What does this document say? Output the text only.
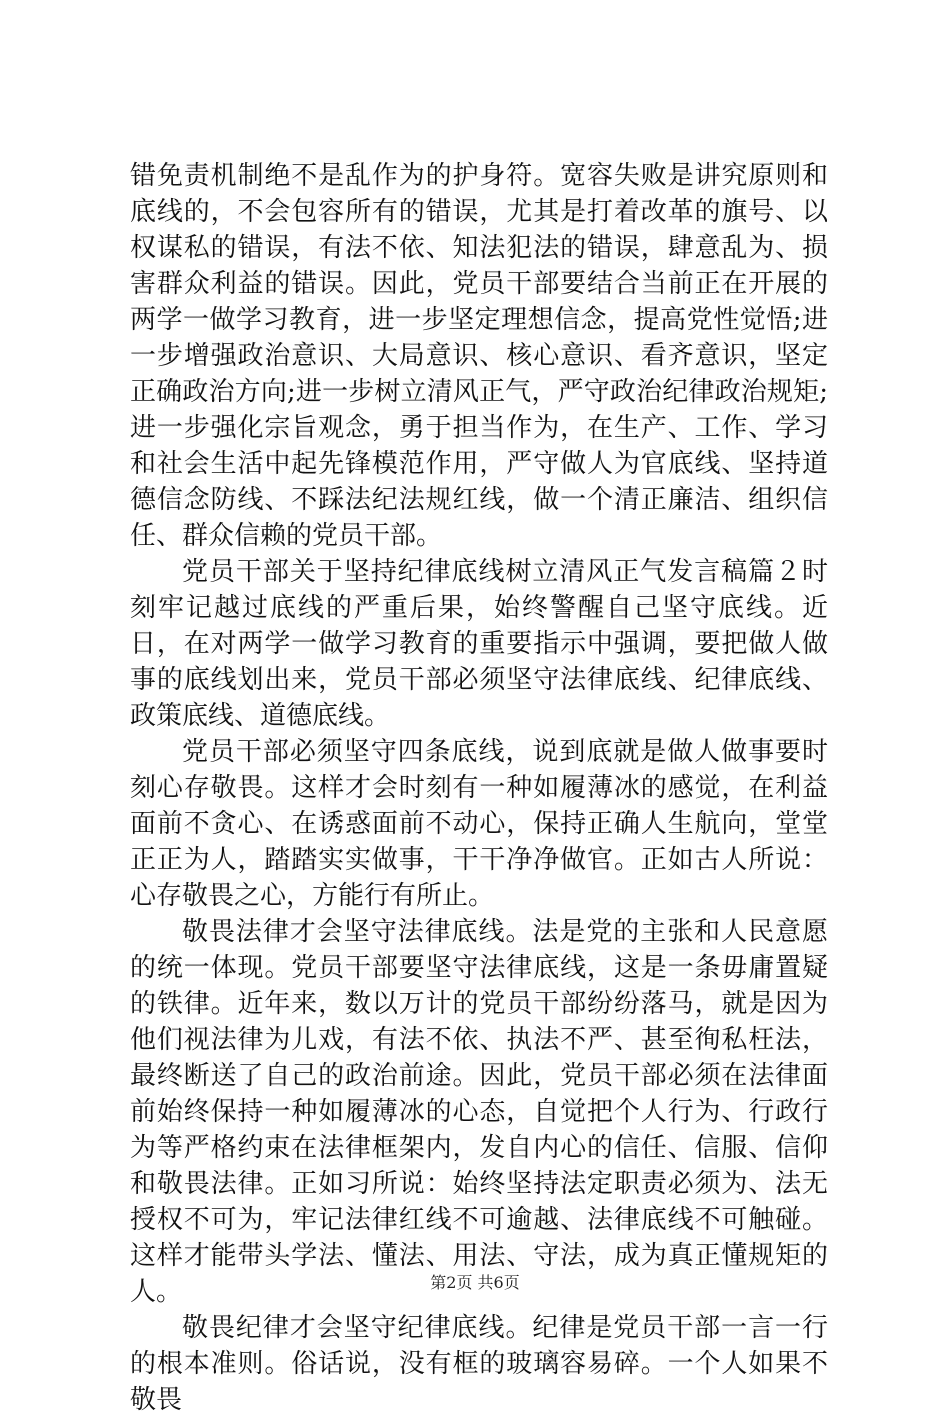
错免责机制绝不是乱作为的护身符。宽容失败是讲究原则和底线的，不会包容所有的错误，尤其是打着改革的旗号、以权谋私的错误，有法不依、知法犯法的错误，肆意乱为、损害群众利益的错误。因此，党员干部要结合当前正在开展的两学一做学习教育，进一步坚定理想信念，提高党性觉悟;进一步增强政治意识、大局意识、核心意识、看齐意识，坚定正确政治方向;进一步树立清风正气，严守政治纪律政治规矩;进一步强化宗旨观念，勇于担当作为，在生产、工作、学习和社会生活中起先锋模范作用，严守做人为官底线、坚持道德信念防线、不踩法纪法规红线，做一个清正廉洁、组织信任、群众信赖的党员干部。

党员干部关于坚持纪律底线树立清风正气发言稿篇２时刻牢记越过底线的严重后果，始终警醒自己坚守底线。近日，在对两学一做学习教育的重要指示中强调，要把做人做事的底线划出来，党员干部必须坚守法律底线、纪律底线、政策底线、道德底线。

党员干部必须坚守四条底线，说到底就是做人做事要时刻心存敬畏。这样才会时刻有一种如履薄冰的感觉，在利益面前不贪心、在诱惑面前不动心，保持正确人生航向，堂堂正正为人，踏踏实实做事，干干净净做官。正如古人所说：心存敬畏之心，方能行有所止。

敬畏法律才会坚守法律底线。法是党的主张和人民意愿的统一体现。党员干部要坚守法律底线，这是一条毋庸置疑的铁律。近年来，数以万计的党员干部纷纷落马，就是因为他们视法律为儿戏，有法不依、执法不严、甚至徇私枉法，最终断送了自己的政治前途。因此，党员干部必须在法律面前始终保持一种如履薄冰的心态，自觉把个人行为、行政行为等严格约束在法律框架内，发自内心的信任、信服、信仰和敬畏法律。正如习所说：始终坚持法定职责必须为、法无授权不可为，牢记法律红线不可逾越、法律底线不可触碰。这样才能带头学法、懂法、用法、守法，成为真正懂规矩的人。

敬畏纪律才会坚守纪律底线。纪律是党员干部一言一行的根本准则。俗话说，没有框的玻璃容易碎。一个人如果不敬畏

第2页 共6页
